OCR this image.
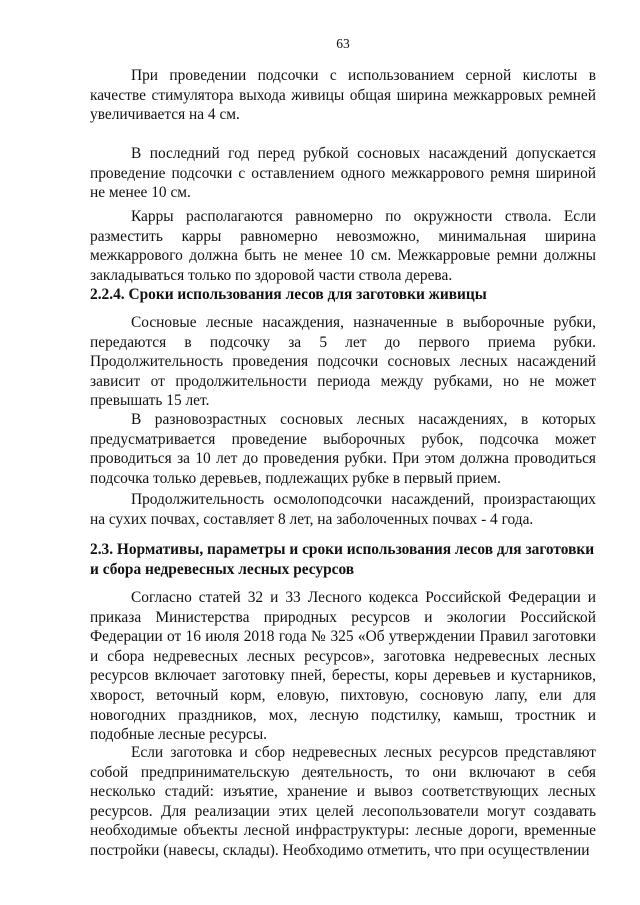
63

При проведении подсочки с использованием серной кислоты в качестве стимулятора выхода живицы общая ширина межкарровых ремней увеличивается на 4 см.

В последний год перед рубкой сосновых насаждений допускается проведение подсочки с оставлением одного межкаррового ремня шириной не менее 10 см.

Карры располагаются равномерно по окружности ствола. Если разместить карры равномерно невозможно, минимальная ширина межкаррового должна быть не менее 10 см. Межкарровые ремни должны закладываться только по здоровой части ствола дерева.

2.2.4. Сроки использования лесов для заготовки живицы

Сосновые лесные насаждения, назначенные в выборочные рубки, передаются в подсочку за 5 лет до первого приема рубки. Продолжительность проведения подсочки сосновых лесных насаждений зависит от продолжительности периода между рубками, но не может превышать 15 лет.

В разновозрастных сосновых лесных насаждениях, в которых предусматривается проведение выборочных рубок, подсочка может проводиться за 10 лет до проведения рубки. При этом должна проводиться подсочка только деревьев, подлежащих рубке в первый прием.

Продолжительность осмолоподсочки насаждений, произрастающих на сухих почвах, составляет 8 лет, на заболоченных почвах - 4 года.

2.3. Нормативы, параметры и сроки использования лесов для заготовки и сбора недревесных лесных ресурсов

Согласно статей 32 и 33 Лесного кодекса Российской Федерации и приказа Министерства природных ресурсов и экологии Российской Федерации от 16 июля 2018 года № 325 «Об утверждении Правил заготовки и сбора недревесных лесных ресурсов», заготовка недревесных лесных ресурсов включает заготовку пней, бересты, коры деревьев и кустарников, хворост, веточный корм, еловую, пихтовую, сосновую лапу, ели для новогодних праздников, мох, лесную подстилку, камыш, тростник и подобные лесные ресурсы.

Если заготовка и сбор недревесных лесных ресурсов представляют собой предпринимательскую деятельность, то они включают в себя несколько стадий: изъятие, хранение и вывоз соответствующих лесных ресурсов. Для реализации этих целей лесопользователи могут создавать необходимые объекты лесной инфраструктуры: лесные дороги, временные постройки (навесы, склады). Необходимо отметить, что при осуществлении
